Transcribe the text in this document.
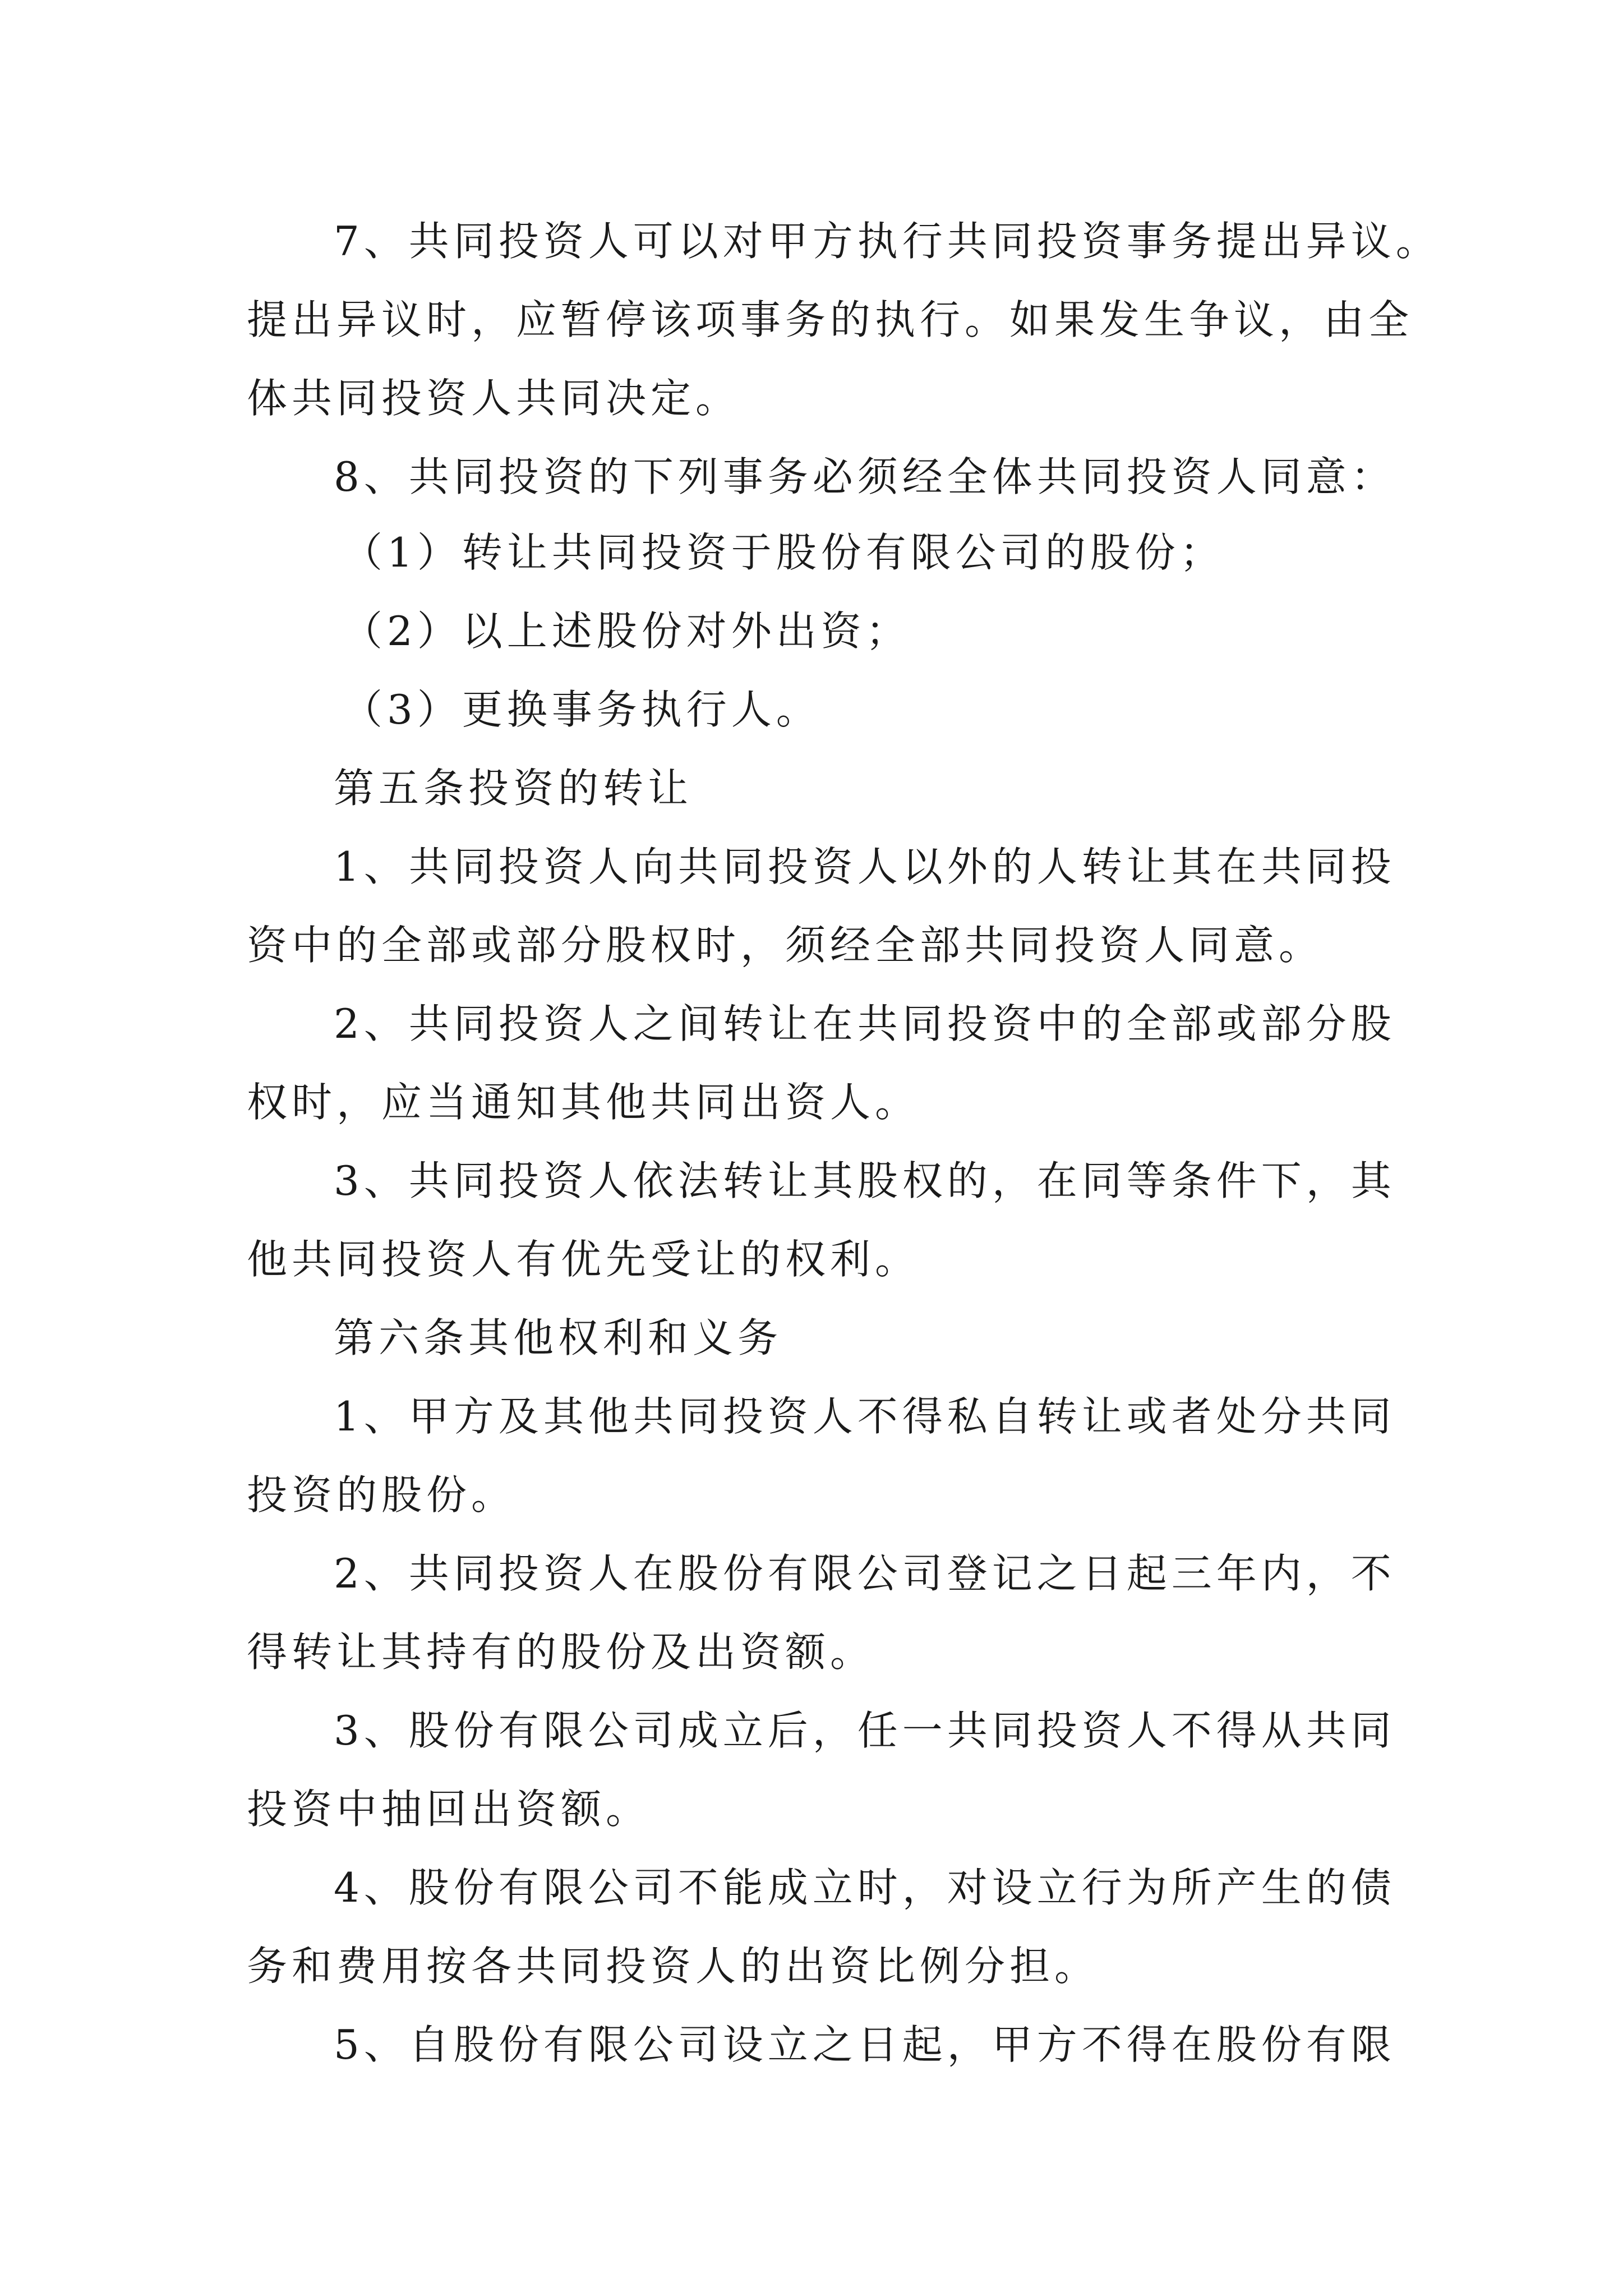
7、共同投资人可以对甲方执行共同投资事务提出异议。
提出异议时，应暂停该项事务的执行。如果发生争议，由全
体共同投资人共同决定。
8、共同投资的下列事务必须经全体共同投资人同意：
（1）转让共同投资于股份有限公司的股份；
（2）以上述股份对外出资；
（3）更换事务执行人。
第五条投资的转让
1、共同投资人向共同投资人以外的人转让其在共同投
资中的全部或部分股权时，须经全部共同投资人同意。
2、共同投资人之间转让在共同投资中的全部或部分股
权时，应当通知其他共同出资人。
3、共同投资人依法转让其股权的，在同等条件下，其
他共同投资人有优先受让的权利。
第六条其他权利和义务
1、甲方及其他共同投资人不得私自转让或者处分共同
投资的股份。
2、共同投资人在股份有限公司登记之日起三年内，不
得转让其持有的股份及出资额。
3、股份有限公司成立后，任一共同投资人不得从共同
投资中抽回出资额。
4、股份有限公司不能成立时，对设立行为所产生的债
务和费用按各共同投资人的出资比例分担。
5、自股份有限公司设立之日起，甲方不得在股份有限
